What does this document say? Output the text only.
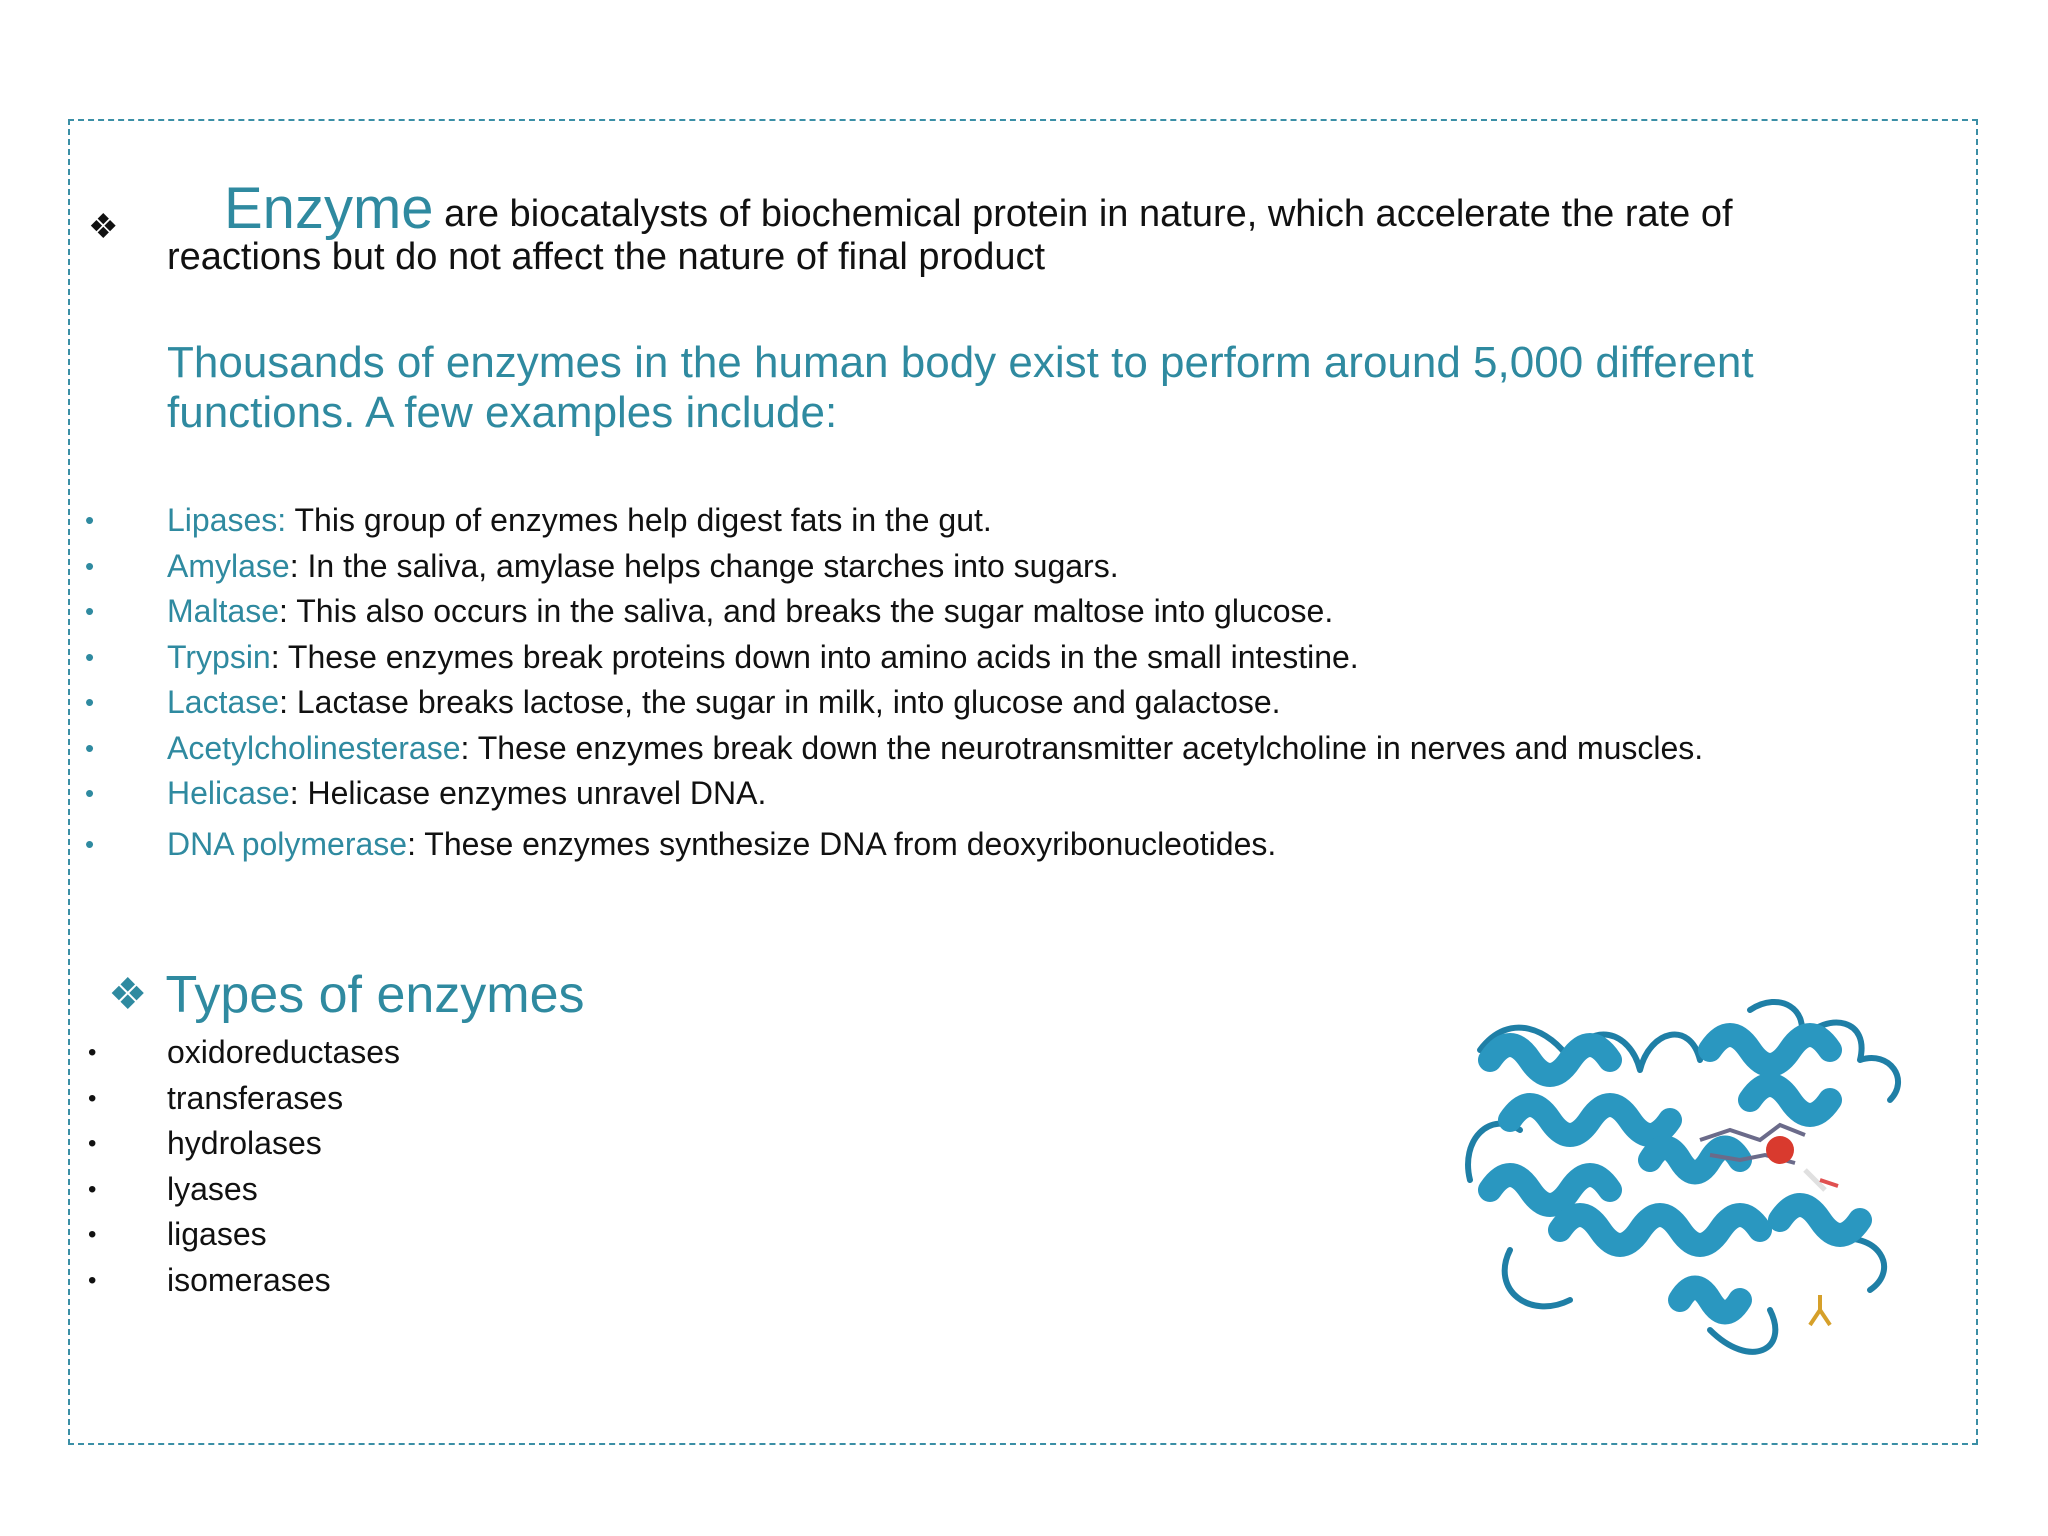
❖	Enzyme are biocatalysts of biochemical protein in nature, which accelerate the rate of
reactions but do not affect the nature of final product
Thousands of enzymes in the human body exist to perform around 5,000 different functions. A few examples include:
• Lipases: This group of enzymes help digest fats in the gut.
• Amylase: In the saliva, amylase helps change starches into sugars.
• Maltase: This also occurs in the saliva, and breaks the sugar maltose into glucose.
• Trypsin: These enzymes break proteins down into amino acids in the small intestine.
• Lactase: Lactase breaks lactose, the sugar in milk, into glucose and galactose.
• Acetylcholinesterase: These enzymes break down the neurotransmitter acetylcholine in nerves and muscles.
• Helicase: Helicase enzymes unravel DNA.
• DNA polymerase: These enzymes synthesize DNA from deoxyribonucleotides.
❖ Types of enzymes
• oxidoreductases
• transferases
• hydrolases
• lyases
• ligases
• isomerases
